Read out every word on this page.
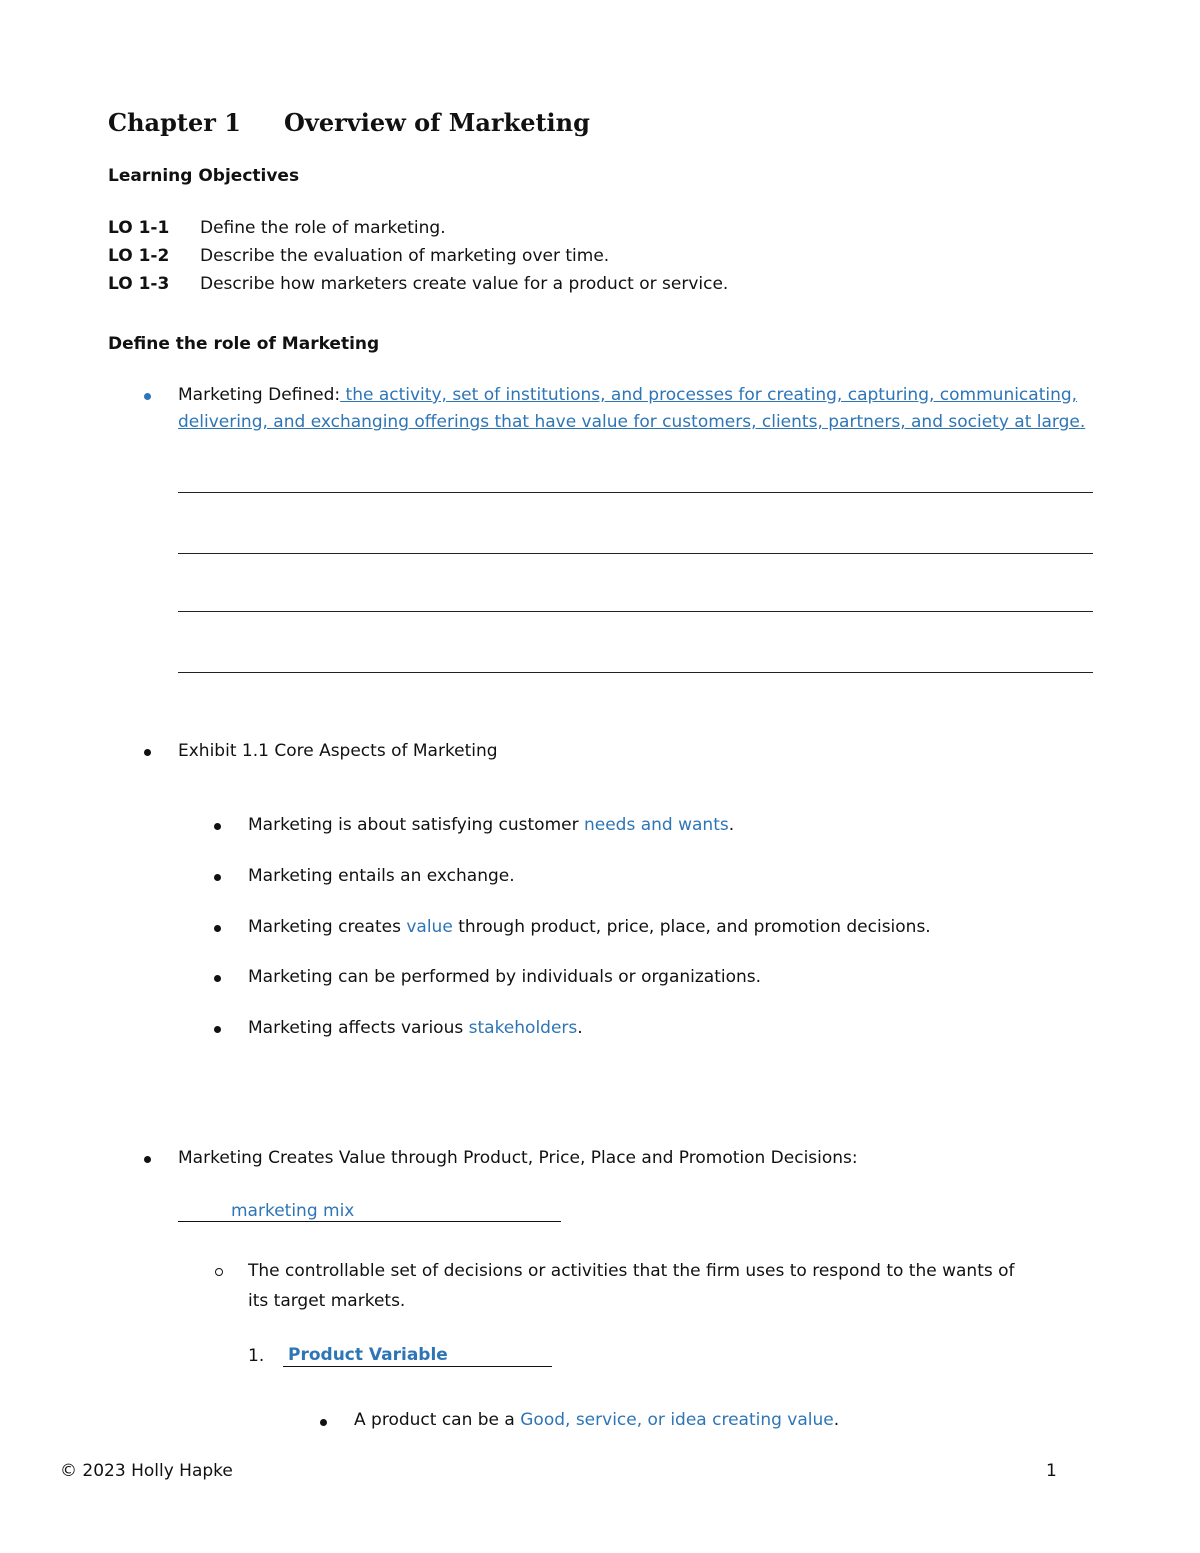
Chapter 1 Overview of Marketing
Learning Objectives
LO 1-1 Define the role of marketing.
LO 1-2 Describe the evaluation of marketing over time.
LO 1-3 Describe how marketers create value for a product or service.
Define the role of Marketing
Marketing Defined: the activity, set of institutions, and processes for creating, capturing, communicating,
delivering, and exchanging offerings that have value for customers, clients, partners, and society at large.
Exhibit 1.1 Core Aspects of Marketing
Marketing is about satisfying customer needs and wants.
Marketing entails an exchange.
Marketing creates value through product, price, place, and promotion decisions.
Marketing can be performed by individuals or organizations.
Marketing affects various stakeholders.
Marketing Creates Value through Product, Price, Place and Promotion Decisions:
marketing mix
The controllable set of decisions or activities that the firm uses to respond to the wants of
its target markets.
1. Product Variable
A product can be a Good, service, or idea creating value.
© 2023 Holly Hapke	1
